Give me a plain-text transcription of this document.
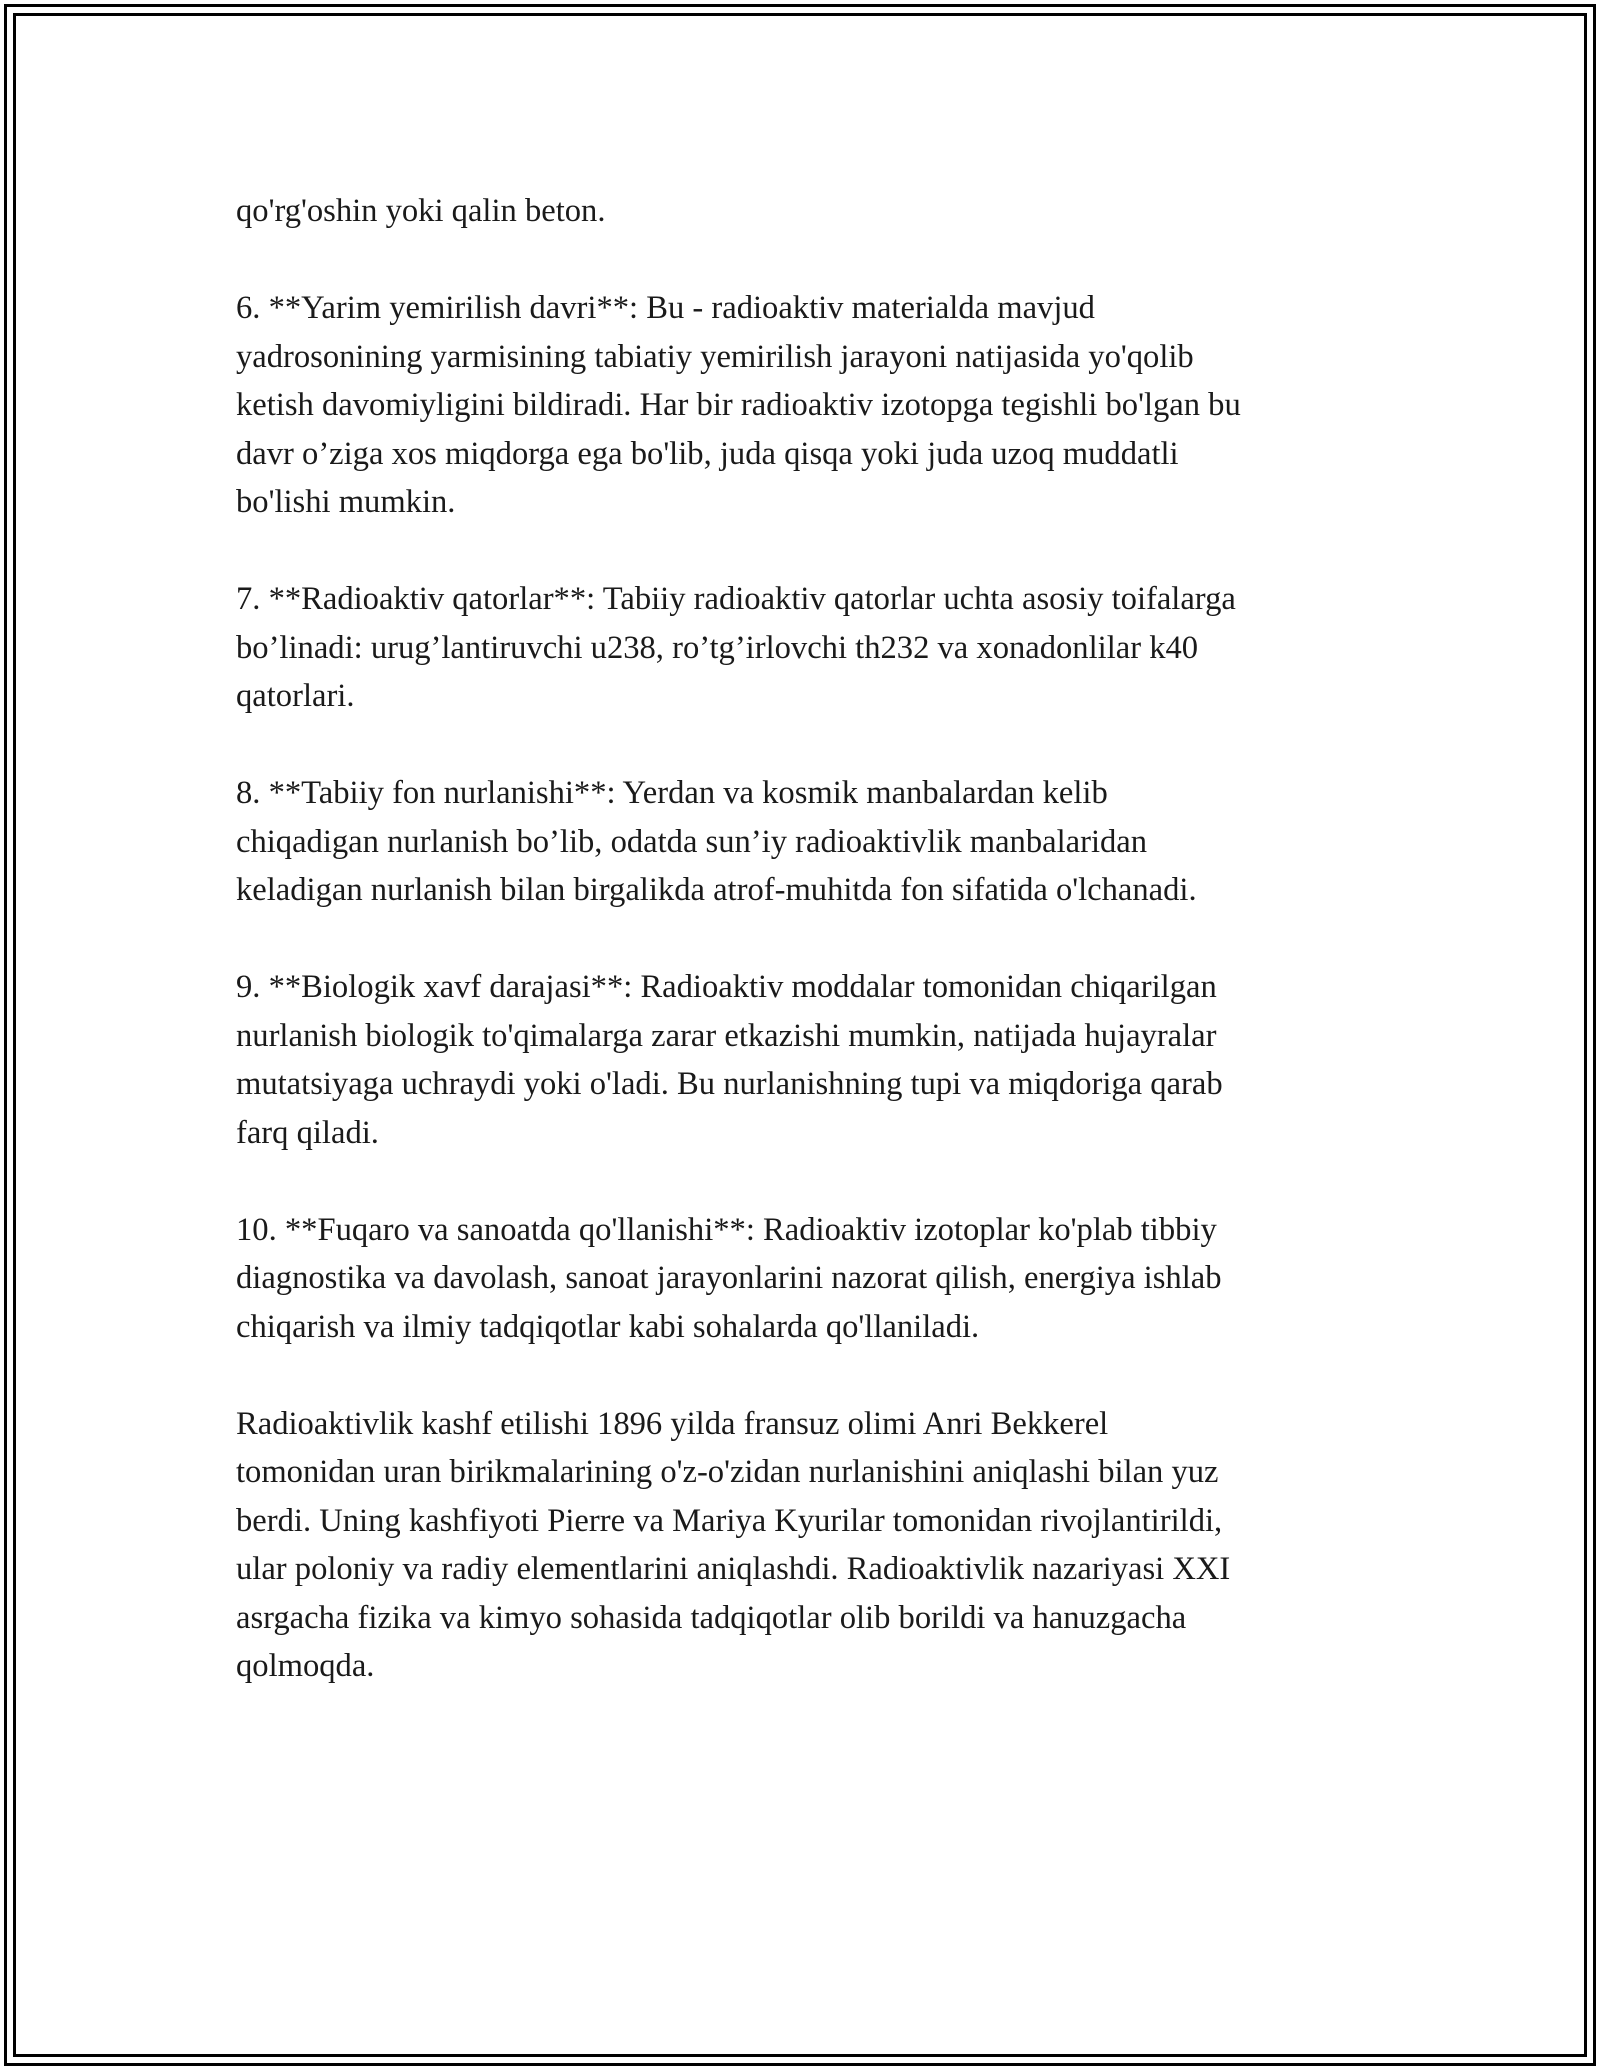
qo'rg'oshin yoki qalin beton.

6. **Yarim yemirilish davri**: Bu - radioaktiv materialda mavjud
yadrosonining yarmisining tabiatiy yemirilish jarayoni natijasida yo'qolib
ketish davomiyligini bildiradi. Har bir radioaktiv izotopga tegishli bo'lgan bu
davr o’ziga xos miqdorga ega bo'lib, juda qisqa yoki juda uzoq muddatli
bo'lishi mumkin.

7. **Radioaktiv qatorlar**: Tabiiy radioaktiv qatorlar uchta asosiy toifalarga
bo’linadi: urug’lantiruvchi u238, ro’tg’irlovchi th232 va xonadonlilar k40
qatorlari.

8. **Tabiiy fon nurlanishi**: Yerdan va kosmik manbalardan kelib
chiqadigan nurlanish bo’lib, odatda sun’iy radioaktivlik manbalaridan
keladigan nurlanish bilan birgalikda atrof-muhitda fon sifatida o'lchanadi.

9. **Biologik xavf darajasi**: Radioaktiv moddalar tomonidan chiqarilgan
nurlanish biologik to'qimalarga zarar etkazishi mumkin, natijada hujayralar
mutatsiyaga uchraydi yoki o'ladi. Bu nurlanishning tupi va miqdoriga qarab
farq qiladi.

10. **Fuqaro va sanoatda qo'llanishi**: Radioaktiv izotoplar ko'plab tibbiy
diagnostika va davolash, sanoat jarayonlarini nazorat qilish, energiya ishlab
chiqarish va ilmiy tadqiqotlar kabi sohalarda qo'llaniladi.

Radioaktivlik kashf etilishi 1896 yilda fransuz olimi Anri Bekkerel
tomonidan uran birikmalarining o'z-o'zidan nurlanishini aniqlashi bilan yuz
berdi. Uning kashfiyoti Pierre va Mariya Kyurilar tomonidan rivojlantirildi,
ular poloniy va radiy elementlarini aniqlashdi. Radioaktivlik nazariyasi XXI
asrgacha fizika va kimyo sohasida tadqiqotlar olib borildi va hanuzgacha
qolmoqda.
